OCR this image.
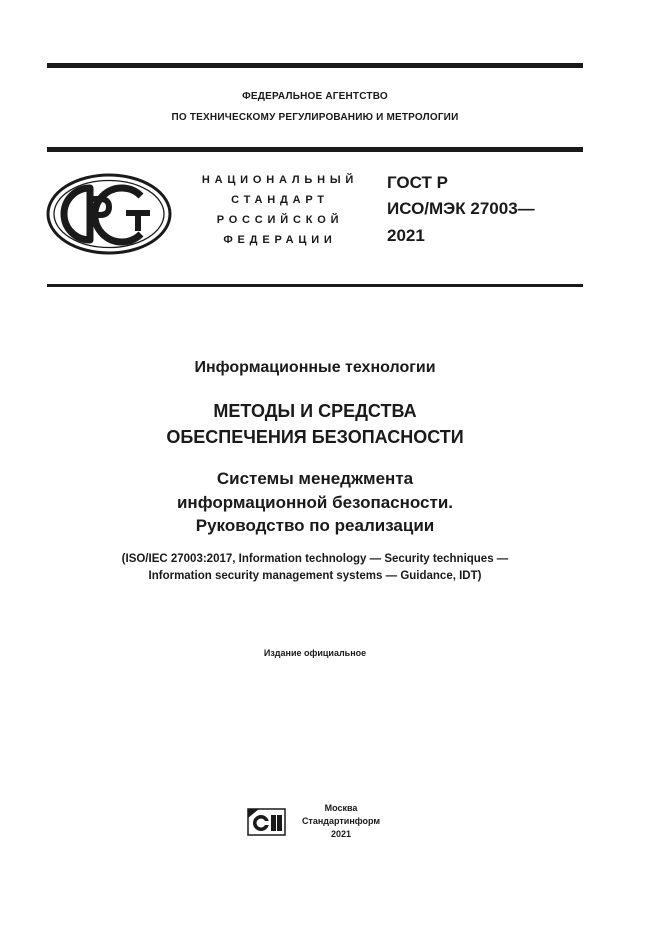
ФЕДЕРАЛЬНОЕ АГЕНТСТВО
ПО ТЕХНИЧЕСКОМУ РЕГУЛИРОВАНИЮ И МЕТРОЛОГИИ
НАЦИОНАЛЬНЫЙ
СТАНДАРТ
РОССИЙСКОЙ
ФЕДЕРАЦИИ
ГОСТ Р
ИСО/МЭК 27003—
2021
Информационные технологии
МЕТОДЫ И СРЕДСТВА
ОБЕСПЕЧЕНИЯ БЕЗОПАСНОСТИ
Системы менеджмента
информационной безопасности.
Руководство по реализации
(ISO/IEC 27003:2017, Information technology — Security techniques —
Information security management systems — Guidance, IDT)
Издание официальное
Москва
Стандартинформ
2021
